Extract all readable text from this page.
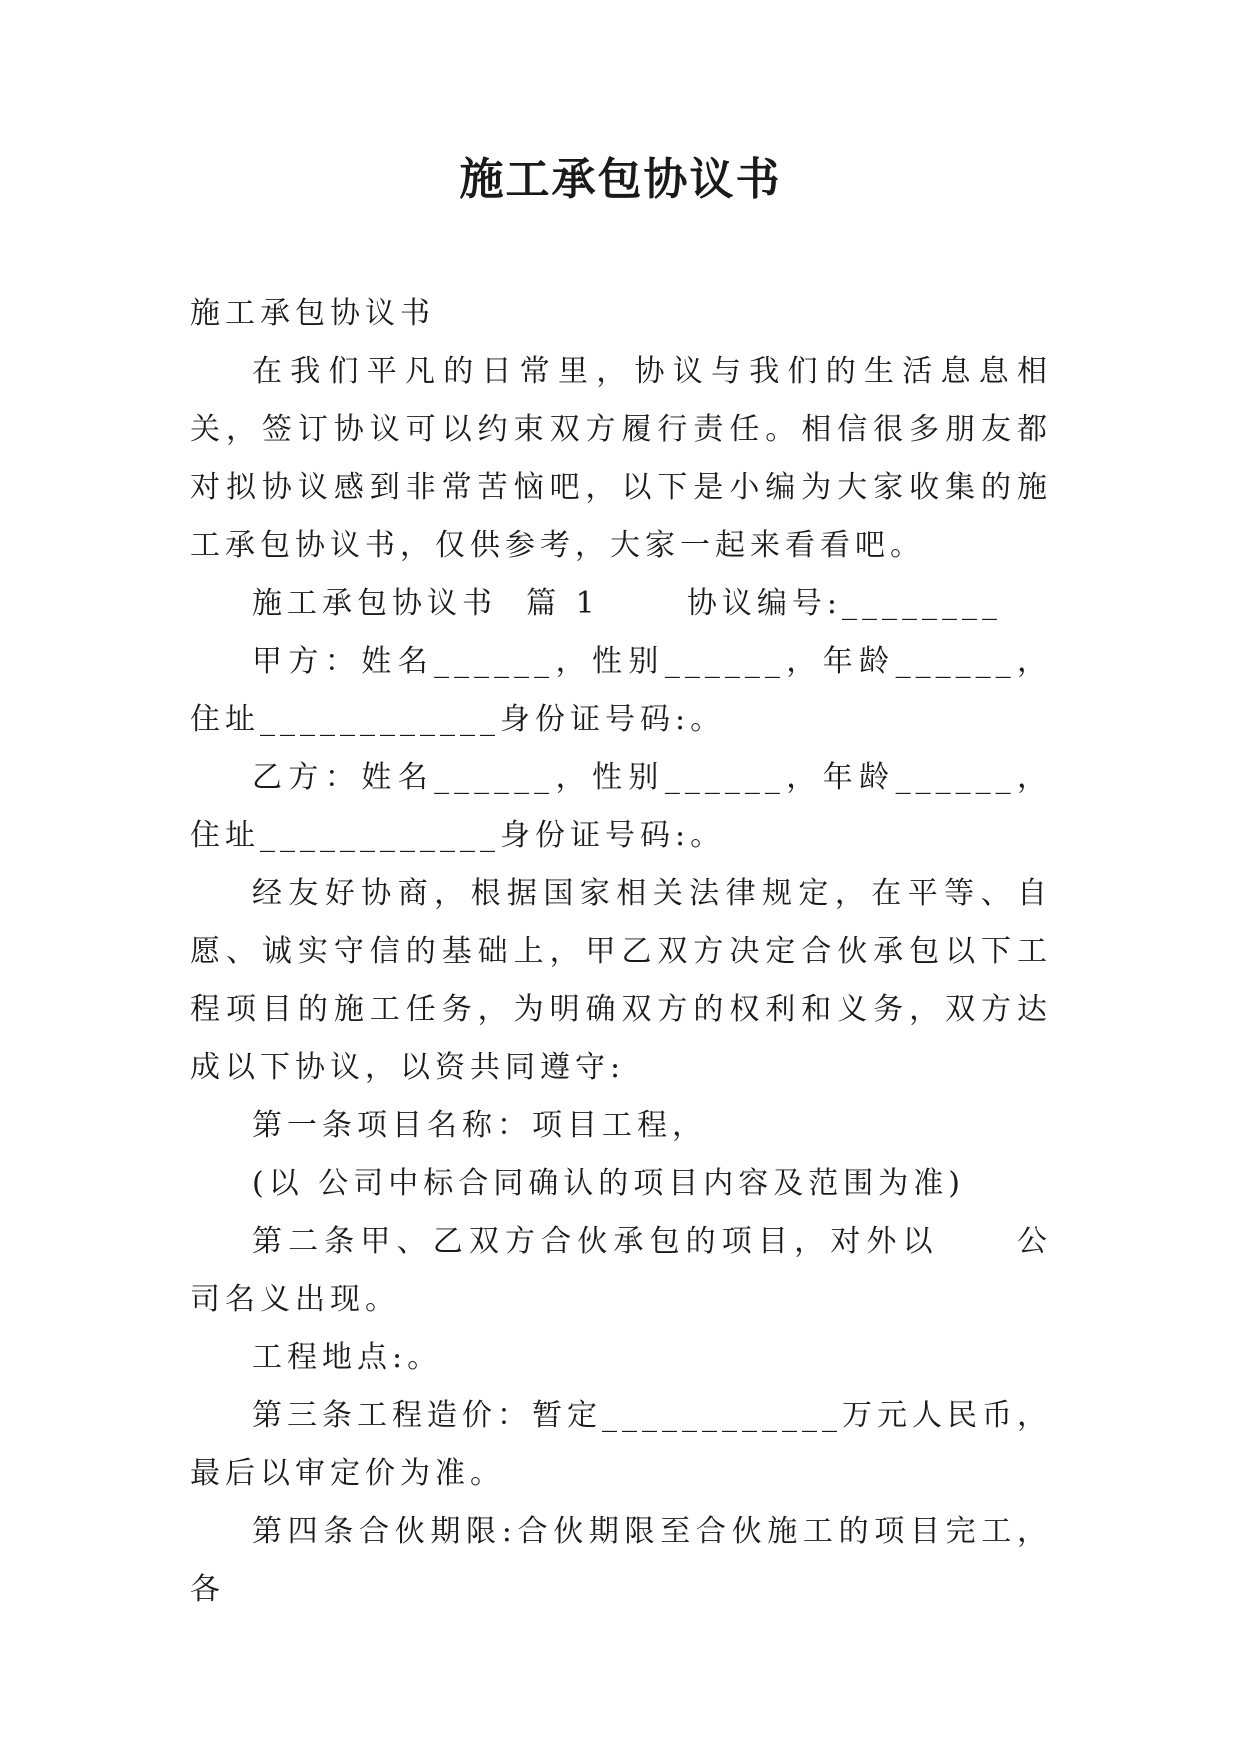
施工承包协议书

施工承包协议书

在我们平凡的日常里，协议与我们的生活息息相关，签订协议可以约束双方履行责任。相信很多朋友都对拟协议感到非常苦恼吧，以下是小编为大家收集的施工承包协议书，仅供参考，大家一起来看看吧。

施工承包协议书  篇 1      协议编号:________

甲方：姓名______，性别______，年龄______，住址____________身份证号码:。

乙方：姓名______，性别______，年龄______，住址____________身份证号码:。

经友好协商，根据国家相关法律规定，在平等、自愿、诚实守信的基础上，甲乙双方决定合伙承包以下工程项目的施工任务，为明确双方的权利和义务，双方达成以下协议，以资共同遵守:

第一条项目名称：项目工程，

(以 公司中标合同确认的项目内容及范围为准)

第二条甲、乙双方合伙承包的项目，对外以     公司名义出现。

工程地点:。

第三条工程造价：暂定____________万元人民币，最后以审定价为准。

第四条合伙期限:合伙期限至合伙施工的项目完工，各
